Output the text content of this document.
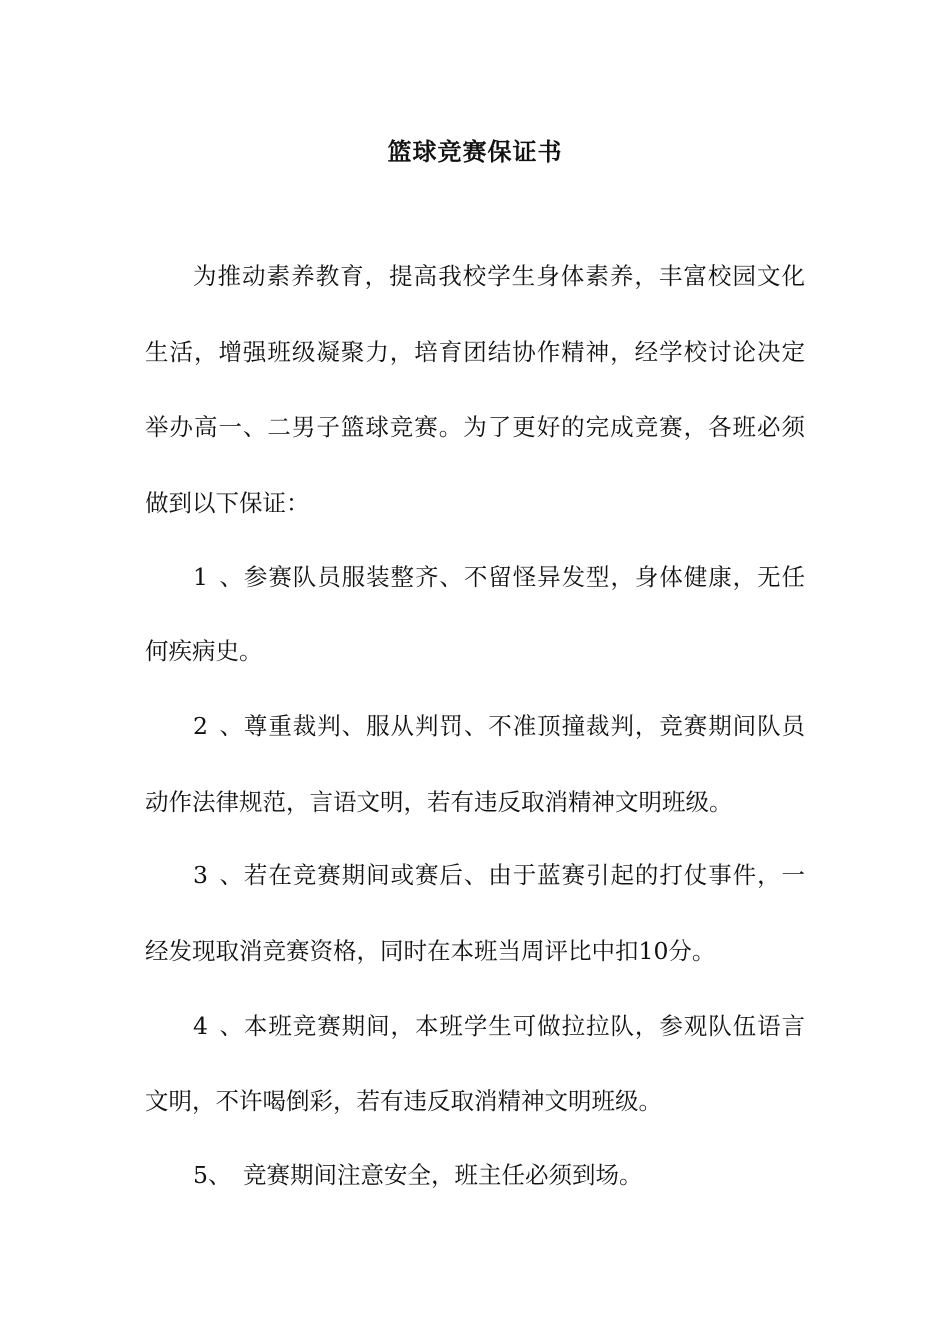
篮球竞赛保证书
为推动素养教育，提高我校学生身体素养，丰富校园文化
生活，增强班级凝聚力，培育团结协作精神，经学校讨论决定
举办高一、二男子篮球竞赛。为了更好的完成竞赛，各班必须
做到以下保证：
1、参赛队员服装整齐、不留怪异发型，身体健康，无任
何疾病史。
2、尊重裁判、服从判罚、不准顶撞裁判，竞赛期间队员
动作法律规范，言语文明，若有违反取消精神文明班级。
3、若在竞赛期间或赛后、由于蓝赛引起的打仗事件，一
经发现取消竞赛资格，同时在本班当周评比中扣10分。
4、本班竞赛期间，本班学生可做拉拉队，参观队伍语言
文明，不许喝倒彩，若有违反取消精神文明班级。
5、 竞赛期间注意安全，班主任必须到场。
